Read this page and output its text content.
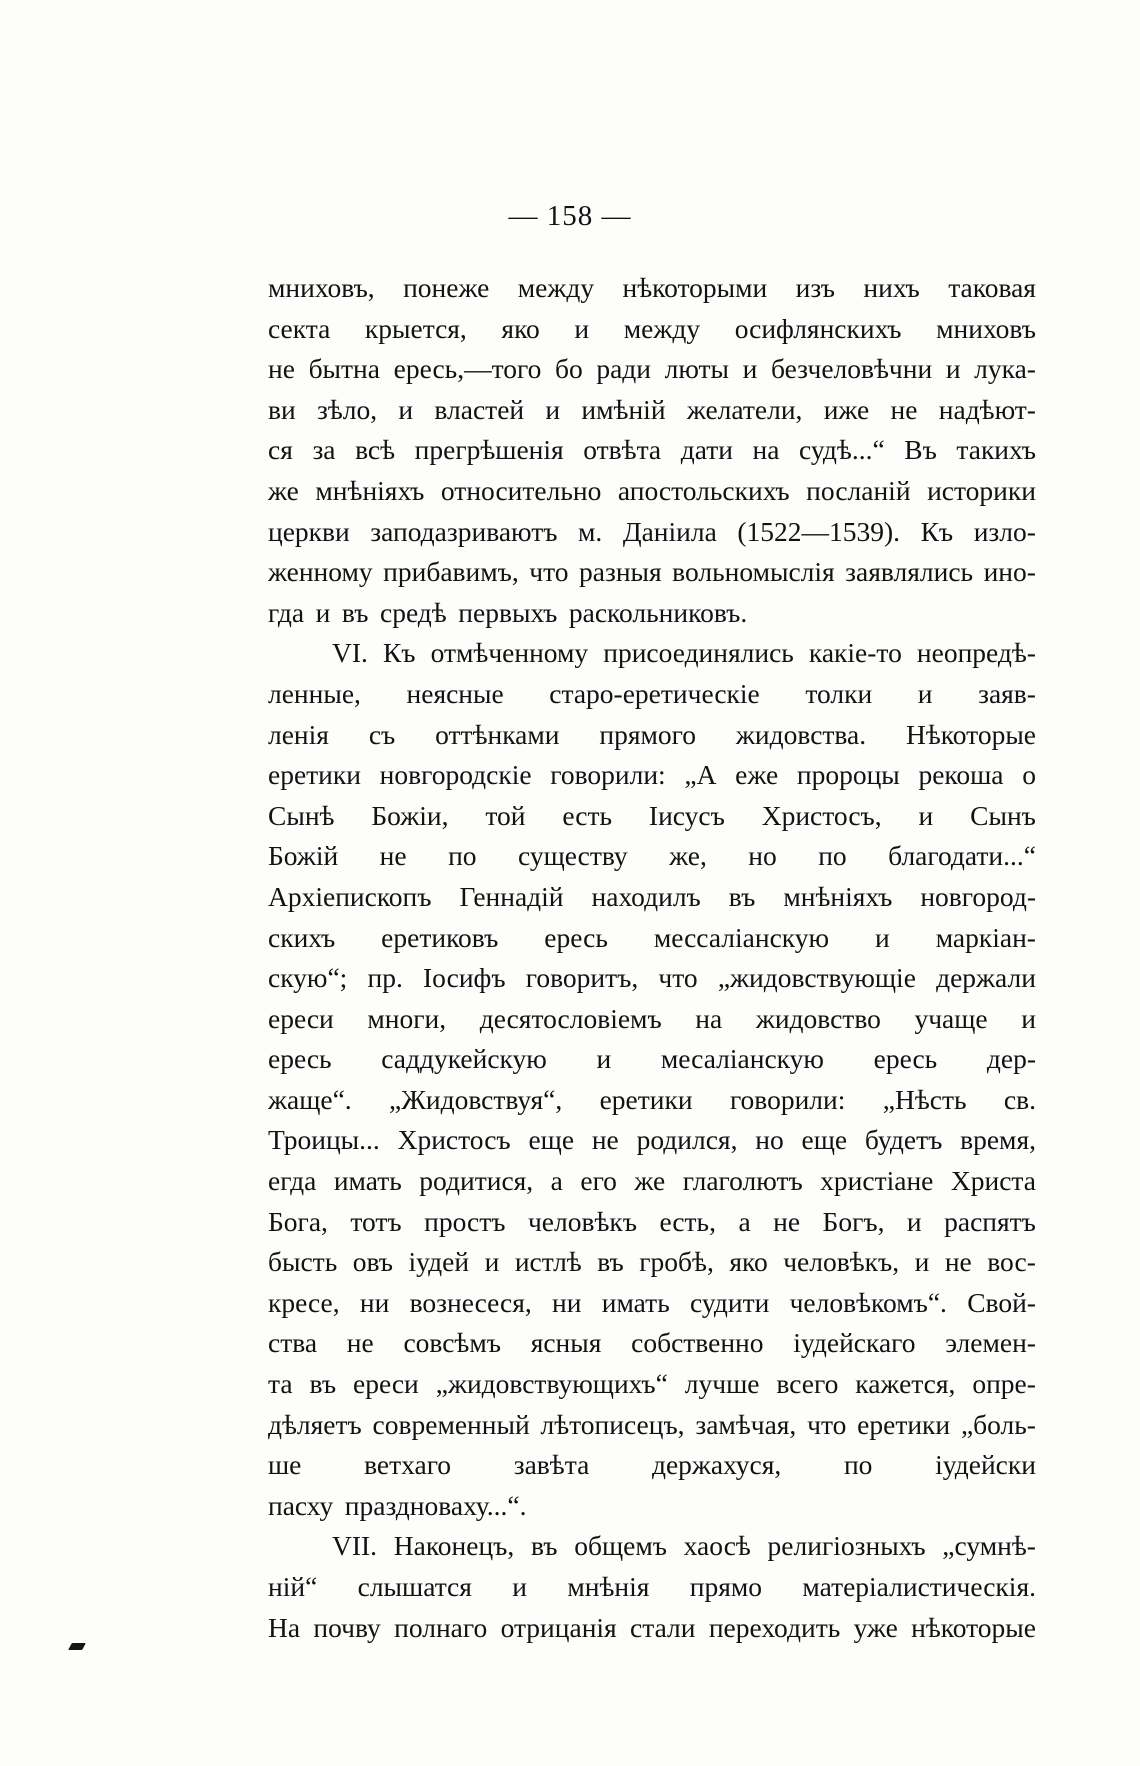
— 158 —
мниховъ, понеже между нѣкоторыми изъ нихъ таковая
секта крыется, яко и между осифлянскихъ мниховъ
не бытна ересь,—того бо ради люты и безчеловѣчни и лука-
ви зѣло, и властей и имѣній желатели, иже не надѣют-
ся за всѣ прегрѣшенія отвѣта дати на судѣ...“ Въ такихъ
же мнѣніяхъ относительно апостольскихъ посланій историки
церкви заподазриваютъ м. Даніила (1522—1539). Къ изло-
женному прибавимъ, что разныя вольномыслія заявлялись ино-
гда и въ средѣ первыхъ раскольниковъ.
VI. Къ отмѣченному присоединялись какіе-то неопредѣ-
ленные, неясные старо-еретическіе толки и заяв-
ленія съ оттѣнками прямого жидовства. Нѣкоторые
еретики новгородскіе говорили: „А еже пророцы рекоша о
Сынѣ Божіи, той есть Іисусъ Христосъ, и Сынъ
Божій не по существу же, но по благодати...“
Архіепископъ Геннадій находилъ въ мнѣніяхъ новгород-
скихъ еретиковъ ересь мессаліанскую и маркіан-
скую“; пр. Іосифъ говоритъ, что „жидовствующіе держали
ереси многи, десятословіемъ на жидовство учаще и
ересь саддукейскую и месаліанскую ересь дер-
жаще“. „Жидовствуя“, еретики говорили: „Нѣсть св.
Троицы... Христосъ еще не родился, но еще будетъ время,
егда имать родитися, а его же глаголютъ христіане Христа
Бога, тотъ простъ человѣкъ есть, а не Богъ, и распятъ
бысть овъ іудей и истлѣ въ гробѣ, яко человѣкъ, и не вос-
кресе, ни вознесеся, ни имать судити человѣкомъ“. Свой-
ства не совсѣмъ ясныя собственно іудейскаго элемен-
та въ ереси „жидовствующихъ“ лучше всего кажется, опре-
дѣляетъ современный лѣтописецъ, замѣчая, что еретики „боль-
ше ветхаго завѣта держахуся, по іудейски
пасху праздноваху...“.
VII. Наконецъ, въ общемъ хаосѣ религіозныхъ „сумнѣ-
ній“ слышатся и мнѣнія прямо матеріалистическія.
На почву полнаго отрицанія стали переходить уже нѣкоторые
